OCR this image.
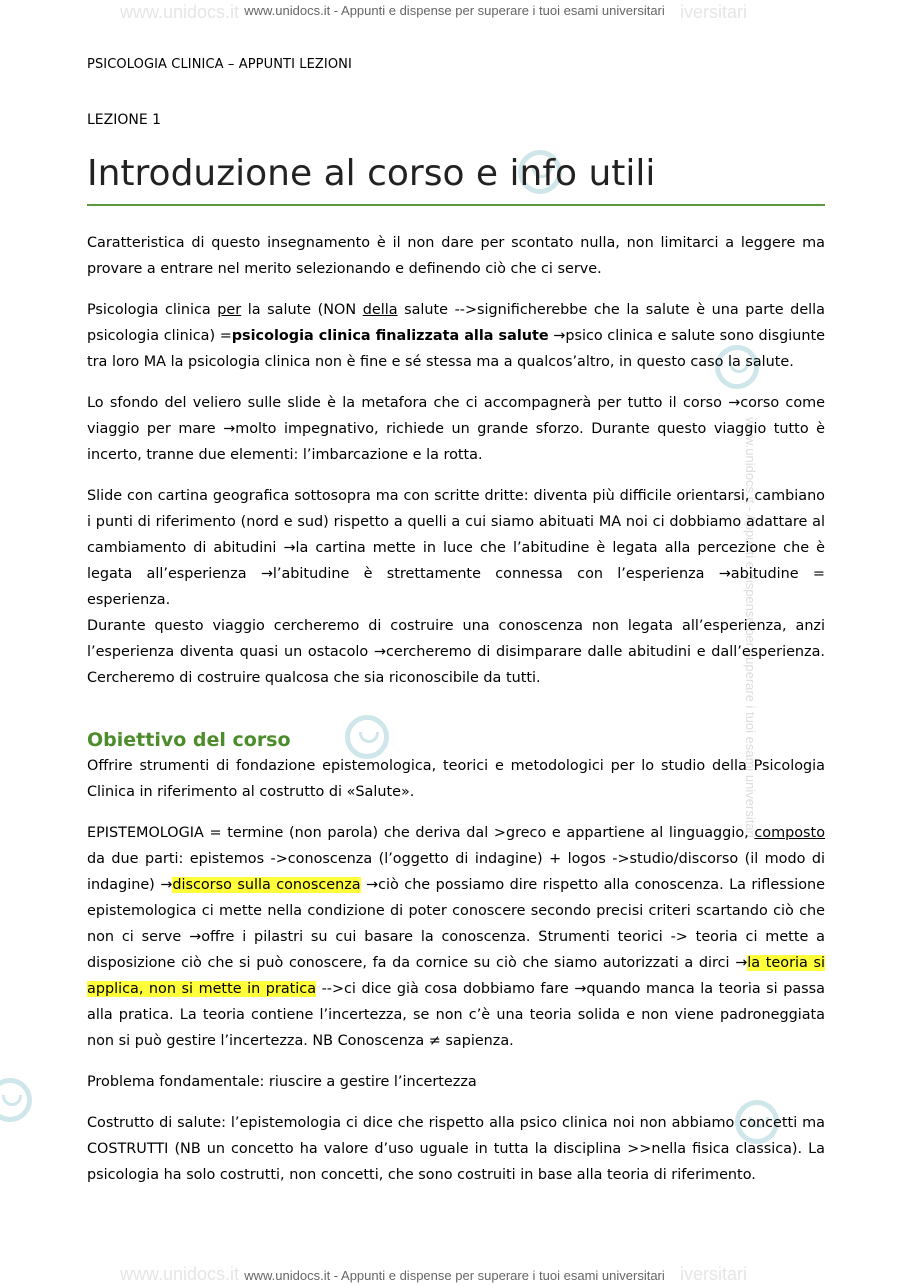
www.unidocs.it	iversitari
www.unidocs.it	iversitari
www.unidocs.it - Appunti e dispense per superare i tuoi esami universitari
www.unidocs.it - Appunti e dispense per superare i tuoi esami universitari
www.unidocs.it - Appunti e dispense per superare i tuoi esami universitari
PSICOLOGIA CLINICA – APPUNTI LEZIONI
LEZIONE 1
Introduzione al corso e info utili

Caratteristica di questo insegnamento è il non dare per scontato nulla, non limitarci a leggere ma provare a entrare nel merito selezionando e definendo ciò che ci serve.

Psicologia clinica per la salute (NON della salute -->significherebbe che la salute è una parte della psicologia clinica) =psicologia clinica finalizzata alla salute →psico clinica e salute sono disgiunte tra loro MA la psicologia clinica non è fine e sé stessa ma a qualcos’altro, in questo caso la salute.

Lo sfondo del veliero sulle slide è la metafora che ci accompagnerà per tutto il corso →corso come viaggio per mare →molto impegnativo, richiede un grande sforzo. Durante questo viaggio tutto è incerto, tranne due elementi: l’imbarcazione e la rotta.

Slide con cartina geografica sottosopra ma con scritte dritte: diventa più difficile orientarsi, cambiano i punti di riferimento (nord e sud) rispetto a quelli a cui siamo abituati MA noi ci dobbiamo adattare al cambiamento di abitudini →la cartina mette in luce che l’abitudine è legata alla percezione che è legata all’esperienza →l’abitudine è strettamente connessa con l’esperienza →abitudine = esperienza.

Durante questo viaggio cercheremo di costruire una conoscenza non legata all’esperienza, anzi l’esperienza diventa quasi un ostacolo →cercheremo di disimparare dalle abitudini e dall’esperienza. Cercheremo di costruire qualcosa che sia riconoscibile da tutti.

Obiettivo del corso

Offrire strumenti di fondazione epistemologica, teorici e metodologici per lo studio della Psicologia Clinica in riferimento al costrutto di «Salute».

EPISTEMOLOGIA = termine (non parola) che deriva dal >greco e appartiene al linguaggio, composto da due parti: epistemos ->conoscenza (l’oggetto di indagine) + logos ->studio/discorso (il modo di indagine) →discorso sulla conoscenza →ciò che possiamo dire rispetto alla conoscenza. La riflessione epistemologica ci mette nella condizione di poter conoscere secondo precisi criteri scartando ciò che non ci serve →offre i pilastri su cui basare la conoscenza. Strumenti teorici -> teoria ci mette a disposizione ciò che si può conoscere, fa da cornice su ciò che siamo autorizzati a dirci →la teoria si applica, non si mette in pratica -->ci dice già cosa dobbiamo fare →quando manca la teoria si passa alla pratica. La teoria contiene l’incertezza, se non c’è una teoria solida e non viene padroneggiata non si può gestire l’incertezza. NB Conoscenza ≠ sapienza.

Problema fondamentale: riuscire a gestire l’incertezza

Costrutto di salute: l’epistemologia ci dice che rispetto alla psico clinica noi non abbiamo concetti ma COSTRUTTI (NB un concetto ha valore d’uso uguale in tutta la disciplina >>nella fisica classica). La psicologia ha solo costrutti, non concetti, che sono costruiti in base alla teoria di riferimento.
